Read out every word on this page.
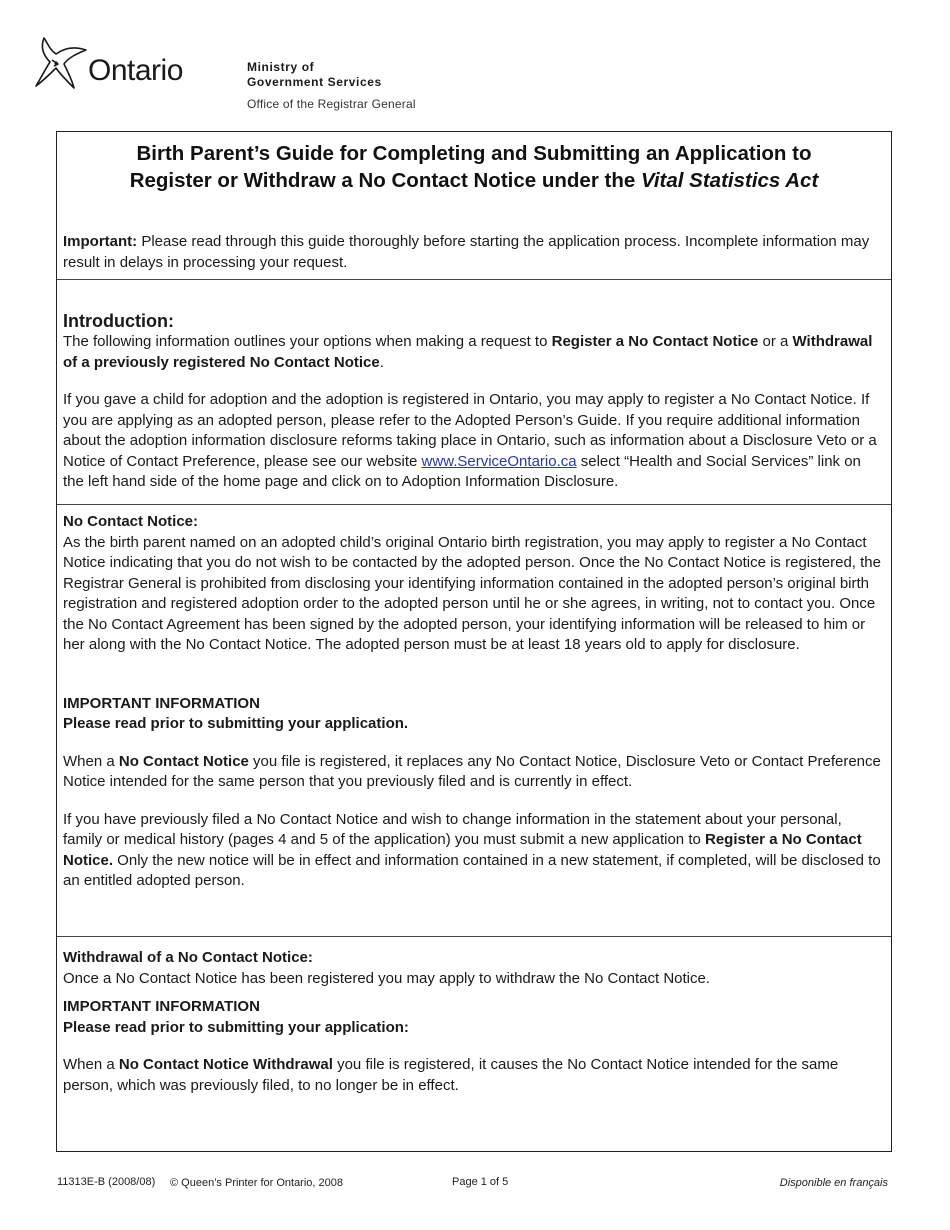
Ontario	Ministry of
Government Services
Office of the Registrar General
Birth Parent’s Guide for Completing and Submitting an Application to
Register or Withdraw a No Contact Notice under the Vital Statistics Act

Important: Please read through this guide thoroughly before starting the application process. Incomplete information may result in delays in processing your request.

Introduction:

The following information outlines your options when making a request to Register a No Contact Notice or a Withdrawal of a previously registered No Contact Notice.

If you gave a child for adoption and the adoption is registered in Ontario, you may apply to register a No Contact Notice. If you are applying as an adopted person, please refer to the Adopted Person’s Guide. If you require additional information about the adoption information disclosure reforms taking place in Ontario, such as information about a Disclosure Veto or a Notice of Contact Preference, please see our website www.ServiceOntario.ca select “Health and Social Services” link on the left hand side of the home page and click on to Adoption Information Disclosure.

No Contact Notice:

As the birth parent named on an adopted child’s original Ontario birth registration, you may apply to register a No Contact Notice indicating that you do not wish to be contacted by the adopted person. Once the No Contact Notice is registered, the Registrar General is prohibited from disclosing your identifying information contained in the adopted person’s original birth registration and registered adoption order to the adopted person until he or she agrees, in writing, not to contact you. Once the No Contact Agreement has been signed by the adopted person, your identifying information will be released to him or her along with the No Contact Notice. The adopted person must be at least 18 years old to apply for disclosure.

IMPORTANT INFORMATION
Please read prior to submitting your application.

When a No Contact Notice you file is registered, it replaces any No Contact Notice, Disclosure Veto or Contact Preference Notice intended for the same person that you previously filed and is currently in effect.

If you have previously filed a No Contact Notice and wish to change information in the statement about your personal, family or medical history (pages 4 and 5 of the application) you must submit a new application to Register a No Contact Notice. Only the new notice will be in effect and information contained in a new statement, if completed, will be disclosed to an entitled adopted person.

Withdrawal of a No Contact Notice:

Once a No Contact Notice has been registered you may apply to withdraw the No Contact Notice.

IMPORTANT INFORMATION
Please read prior to submitting your application:

When a No Contact Notice Withdrawal you file is registered, it causes the No Contact Notice intended for the same person, which was previously filed, to no longer be in effect.

11313E-B (2008/08) © Queen’s Printer for Ontario, 2008	Page 1 of 5	Disponible en français
